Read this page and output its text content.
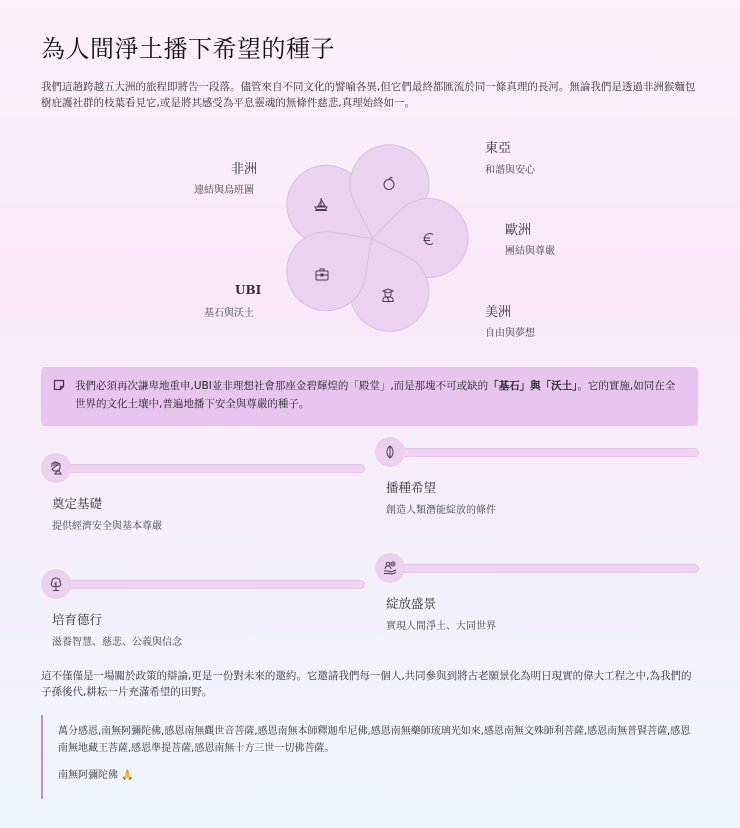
為人間淨土播下希望的種子
我們這趟跨越五大洲的旅程即將告一段落。儘管來自不同文化的譬喻各異,但它們最終都匯流於同一條真理的長河。無論我們是透過非洲猴麵包樹庇護社群的枝葉看見它,或是將其感受為平息靈魂的無條件慈悲,真理始終如一。
非洲
連結與烏班圖
東亞
和諧與安心
歐洲
團結與尊嚴
美洲
自由與夢想
UBI
基石與沃土
我們必須再次謙卑地重申,UBI並非理想社會那座金碧輝煌的「殿堂」,而是那塊不可或缺的「基石」與「沃土」。它的實施,如同在全世界的文化土壤中,普遍地播下安全與尊嚴的種子。
奠定基礎
提供經濟安全與基本尊嚴
播種希望
創造人類潛能綻放的條件
培育德行
滋養智慧、慈悲、公義與信念
綻放盛景
實現人間淨土、大同世界
這不僅僅是一場關於政策的辯論,更是一份對未來的邀約。它邀請我們每一個人,共同參與到將古老願景化為明日現實的偉大工程之中,為我們的子孫後代,耕耘一片充滿希望的田野。

萬分感恩,南無阿彌陀佛,感恩南無觀世音菩薩,感恩南無本師釋迦牟尼佛,感恩南無藥師琉璃光如來,感恩南無文殊師利菩薩,感恩南無普賢菩薩,感恩南無地藏王菩薩,感恩準提菩薩,感恩南無十方三世一切佛菩薩。

南無阿彌陀佛 🙏
